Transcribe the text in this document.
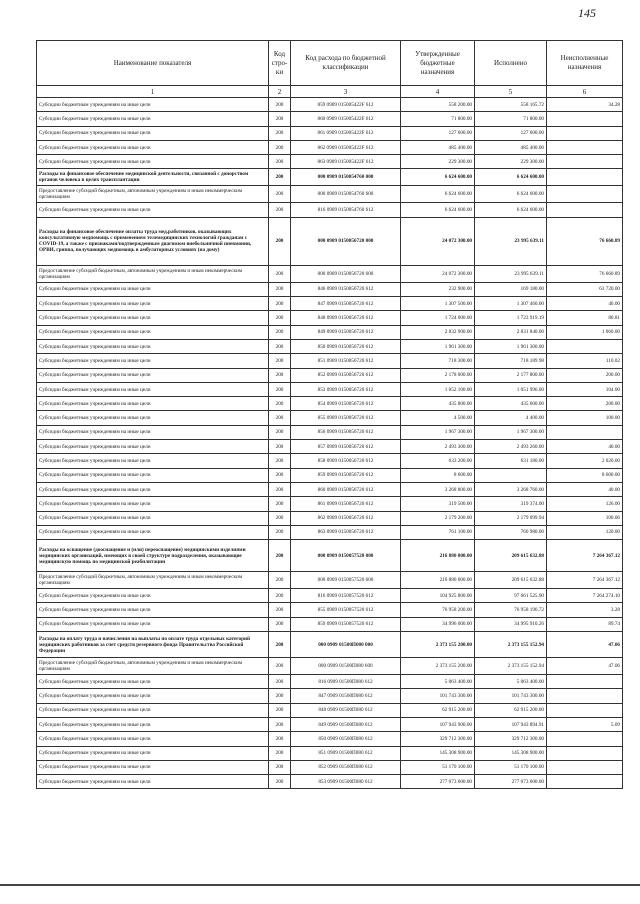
145
Наименование показателя	Код стро-ки	Код расхода по бюджетной классификации	Утвержденные бюджетные назначения	Исполнено	Неисполненные назначения
1	2	3	4	5	6
Субсидии бюджетным учреждениям на иные цели	200	859 0909 015005422F 612	558 200.00	558 165.72	34.28
Субсидии бюджетным учреждениям на иные цели	200	860 0909 015005422F 612	71 800.00	71 800.00	
Субсидии бюджетным учреждениям на иные цели	200	861 0909 015005422F 612	127 600.00	127 600.00	
Субсидии бюджетным учреждениям на иные цели	200	862 0909 015005422F 612	485 400.00	485 400.00	
Субсидии бюджетным учреждениям на иные цели	200	863 0909 015005422F 612	229 300.00	229 300.00	
Расходы на финансовое обеспечение медицинской деятельности, связанной с донорством органов человека в целях трансплантации	200	000 0909 0150054760 000	6 624 600.00	6 624 600.00	
Предоставление субсидий бюджетным, автономным учреждениям и иным некоммерческим организациям	200	000 0909 0150054760 600	6 624 600.00	6 624 600.00	
Субсидии бюджетным учреждениям на иные цели	200	816 0909 0150054760 612	6 624 600.00	6 624 600.00	
Расходы на финансовое обеспечение оплаты труда мед.работников, оказывающих консультативную медпомощь с применением телемедицинских технологий гражданам с COVID-19, а также с признаками/подтвержденным диагнозом внебольничной пневмонии, ОРВИ, гриппа, получающих медпомощь в амбулаторных условиях (на дому)	200	000 0909 0150056720 000	24 072 300.00	23 995 639.11	76 660.89
Предоставление субсидий бюджетным, автономным учреждениям и иным некоммерческим организациям	200	000 0909 0150056720 600	24 072 300.00	23 995 639.11	76 660.89
Субсидии бюджетным учреждениям на иные цели	200	846 0909 0150056720 612	232 900.00	169 180.00	63 720.00
Субсидии бюджетным учреждениям на иные цели	200	847 0909 0150056720 612	1 307 500.00	1 307 460.00	40.00
Субсидии бюджетным учреждениям на иные цели	200	848 0909 0150056720 612	1 724 000.00	1 723 919.19	80.81
Субсидии бюджетным учреждениям на иные цели	200	849 0909 0150056720 612	2 832 900.00	2 831 840.00	1 060.00
Субсидии бюджетным учреждениям на иные цели	200	850 0909 0150056720 612	1 961 300.00	1 961 300.00	
Субсидии бюджетным учреждениям на иные цели	200	851 0909 0150056720 612	718 300.00	718 189.98	110.02
Субсидии бюджетным учреждениям на иные цели	200	852 0909 0150056720 612	2 178 000.00	2 177 800.00	200.00
Субсидии бюджетным учреждениям на иные цели	200	853 0909 0150056720 612	1 052 100.00	1 051 996.00	104.00
Субсидии бюджетным учреждениям на иные цели	200	854 0909 0150056720 612	435 800.00	435 600.00	200.00
Субсидии бюджетным учреждениям на иные цели	200	855 0909 0150056720 612	4 500.00	4 400.00	100.00
Субсидии бюджетным учреждениям на иные цели	200	856 0909 0150056720 612	1 967 300.00	1 967 300.00	
Субсидии бюджетным учреждениям на иные цели	200	857 0909 0150056720 612	2 493 300.00	2 493 260.00	40.00
Субсидии бюджетным учреждениям на иные цели	200	858 0909 0150056720 612	633 200.00	631 180.00	2 020.00
Субсидии бюджетным учреждениям на иные цели	200	859 0909 0150056720 612	8 600.00		8 600.00
Субсидии бюджетным учреждениям на иные цели	200	860 0909 0150056720 612	3 268 800.00	3 268 760.00	40.00
Субсидии бюджетным учреждениям на иные цели	200	861 0909 0150056720 612	319 500.00	319 374.00	126.00
Субсидии бюджетным учреждениям на иные цели	200	862 0909 0150056720 612	2 179 200.00	2 179 099.94	100.06
Субсидии бюджетным учреждениям на иные цели	200	863 0909 0150056720 612	761 100.00	760 980.00	120.00
Расходы на оснащение (дооснащение и (или) переоснащение) медицинскими изделиями медицинских организаций, имеющих в своей структуре подразделения, оказывающие медицинскую помощь по медицинской реабилитации	200	000 0909 0150057520 000	216 880 000.00	209 615 632.88	7 264 367.12
Предоставление субсидий бюджетным, автономным учреждениям и иным некоммерческим организациям	200	000 0909 0150057520 600	216 880 000.00	209 615 632.88	7 264 367.12
Субсидии бюджетным учреждениям на иные цели	200	816 0909 0150057520 612	104 925 800.00	97 661 525.90	7 264 274.10
Субсидии бюджетным учреждениям на иные цели	200	855 0909 0150057520 612	76 958 200.00	76 958 196.72	3.28
Субсидии бюджетным учреждениям на иные цели	200	859 0909 0150057520 612	34 996 000.00	34 995 910.26	89.74
Расходы на оплату труда и начисления на выплаты по оплате труда отдельных категорий медицинских работников за счет средств резервного фонда Правительства Российской Федерации	200	000 0909 01500П080 000	2 373 155 200.00	2 373 155 152.94	47.06
Предоставление субсидий бюджетным, автономным учреждениям и иным некоммерческим организациям	200	000 0909 01500П080 600	2 373 155 200.00	2 373 155 152.94	47.06
Субсидии бюджетным учреждениям на иные цели	200	816 0909 01500П080 612	5 063 400.00	5 063 400.00	
Субсидии бюджетным учреждениям на иные цели	200	847 0909 01500П080 612	101 743 300.00	101 743 300.00	
Субсидии бюджетным учреждениям на иные цели	200	848 0909 01500П080 612	62 915 200.00	62 915 200.00	
Субсидии бюджетным учреждениям на иные цели	200	849 0909 01500П080 612	107 943 900.00	107 943 894.91	5.09
Субсидии бюджетным учреждениям на иные цели	200	850 0909 01500П080 612	329 712 300.00	329 712 300.00	
Субсидии бюджетным учреждениям на иные цели	200	851 0909 01500П080 612	145 308 900.00	145 308 900.00	
Субсидии бюджетным учреждениям на иные цели	200	852 0909 01500П080 612	51 170 100.00	51 170 100.00	
Субсидии бюджетным учреждениям на иные цели	200	853 0909 01500П080 612	277 073 600.00	277 073 600.00	
